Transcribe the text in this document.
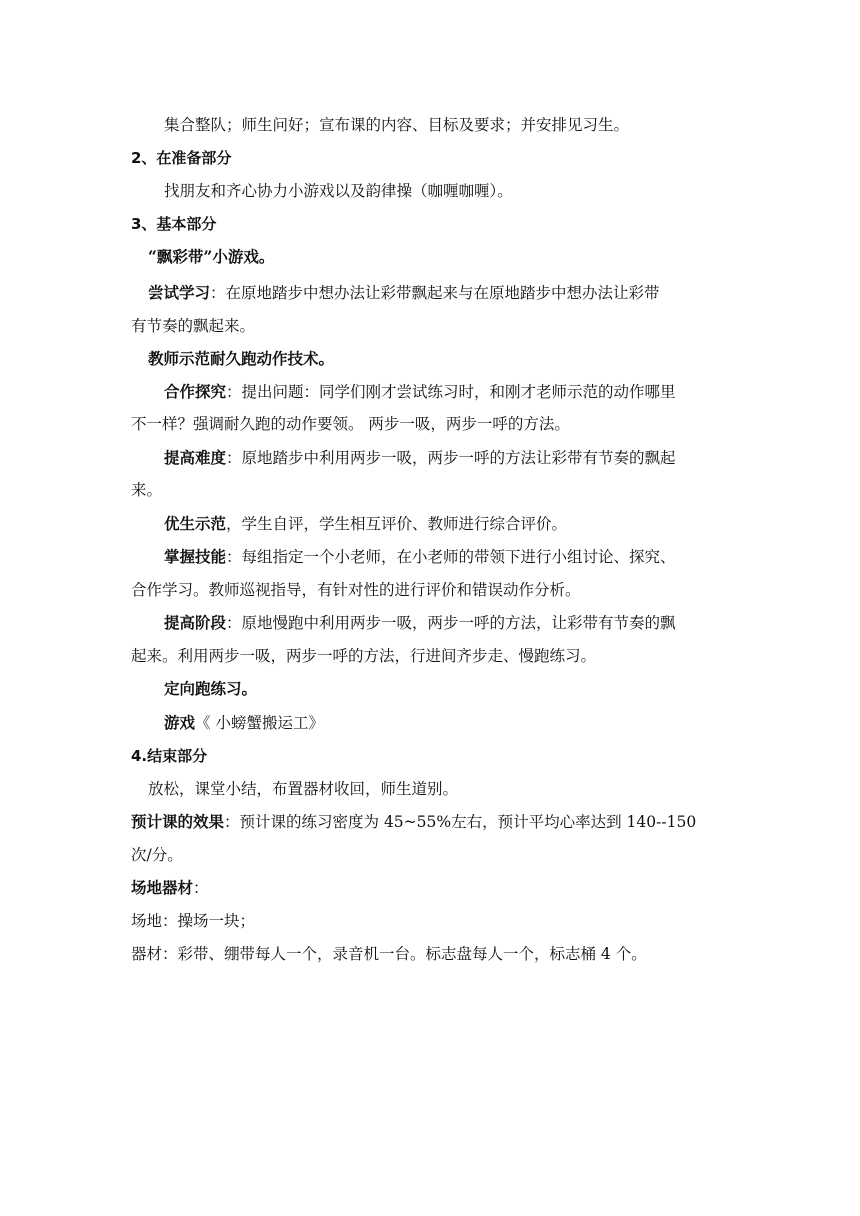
集合整队；师生问好；宣布课的内容、目标及要求；并安排见习生。
2、在准备部分
找朋友和齐心协力小游戏以及韵律操（咖喱咖喱）。
3、基本部分
“飘彩带”小游戏。
尝试学习：在原地踏步中想办法让彩带飘起来与在原地踏步中想办法让彩带
有节奏的飘起来。
教师示范耐久跑动作技术。
合作探究：提出问题：同学们刚才尝试练习时，和刚才老师示范的动作哪里
不一样？强调耐久跑的动作要领。 两步一吸，两步一呼的方法。
提高难度：原地踏步中利用两步一吸，两步一呼的方法让彩带有节奏的飘起
来。
优生示范，学生自评，学生相互评价、教师进行综合评价。
掌握技能：每组指定一个小老师，在小老师的带领下进行小组讨论、探究、
合作学习。教师巡视指导，有针对性的进行评价和错误动作分析。
提高阶段：原地慢跑中利用两步一吸，两步一呼的方法，让彩带有节奏的飘
起来。利用两步一吸，两步一呼的方法，行进间齐步走、慢跑练习。
定向跑练习。
游戏《 小螃蟹搬运工》
4.结束部分
放松，课堂小结，布置器材收回，师生道别。
预计课的效果：预计课的练习密度为 45~55%左右，预计平均心率达到 140--150
次/分。
场地器材：
场地：操场一块；
器材：彩带、绷带每人一个，录音机一台。标志盘每人一个，标志桶 4 个。
